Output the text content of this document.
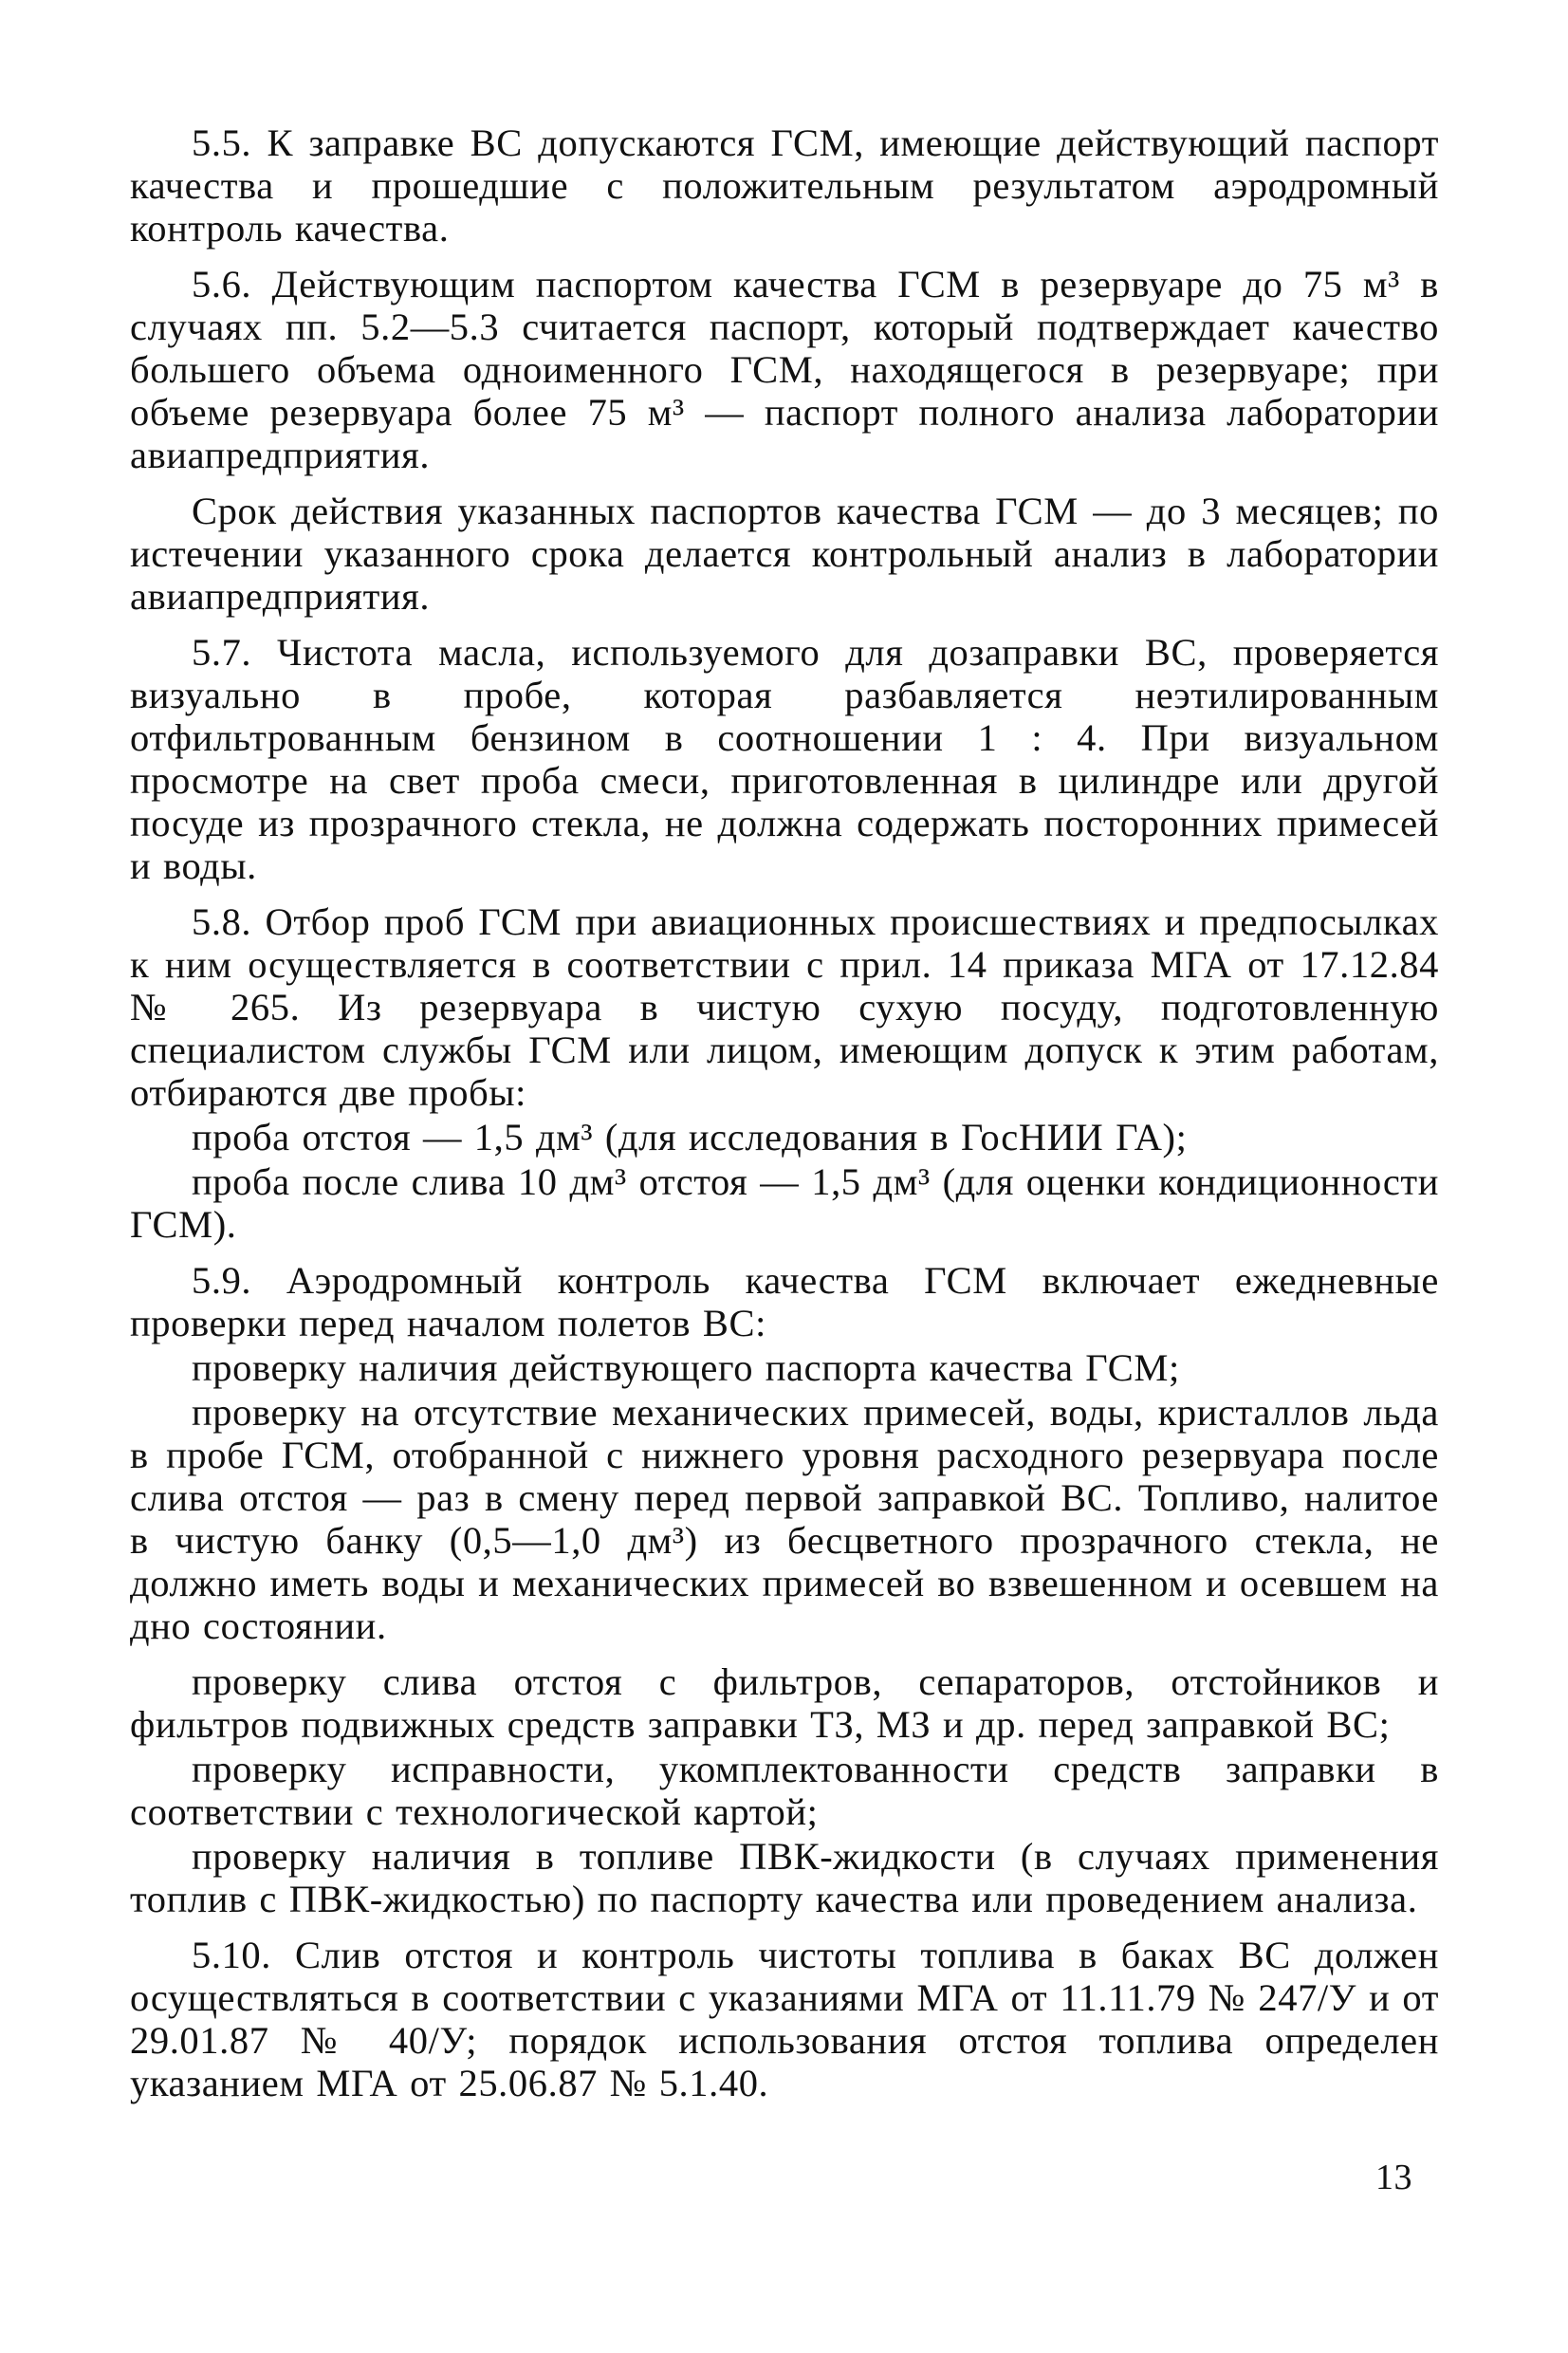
5.5. К заправке ВС допускаются ГСМ, имеющие действующий паспорт качества и прошедшие с положительным результатом аэродромный контроль качества.

5.6. Действующим паспортом качества ГСМ в резервуаре до 75 м³ в случаях пп. 5.2—5.3 считается паспорт, который подтверждает качество большего объема одноименного ГСМ, находящегося в резервуаре; при объеме резервуара более 75 м³ — паспорт полного анализа лаборатории авиапредприятия.

Срок действия указанных паспортов качества ГСМ — до 3 месяцев; по истечении указанного срока делается контрольный анализ в лаборатории авиапредприятия.

5.7. Чистота масла, используемого для дозаправки ВС, проверяется визуально в пробе, которая разбавляется неэтилированным отфильтрованным бензином в соотношении 1 : 4. При визуальном просмотре на свет проба смеси, приготовленная в цилиндре или другой посуде из прозрачного стекла, не должна содержать посторонних примесей и воды.

5.8. Отбор проб ГСМ при авиационных происшествиях и предпосылках к ним осуществляется в соответствии с прил. 14 приказа МГА от 17.12.84 № 265. Из резервуара в чистую сухую посуду, подготовленную специалистом службы ГСМ или лицом, имеющим допуск к этим работам, отбираются две пробы:

проба отстоя — 1,5 дм³ (для исследования в ГосНИИ ГА);

проба после слива 10 дм³ отстоя — 1,5 дм³ (для оценки кондиционности ГСМ).

5.9. Аэродромный контроль качества ГСМ включает ежедневные проверки перед началом полетов ВС:

проверку наличия действующего паспорта качества ГСМ;

проверку на отсутствие механических примесей, воды, кристаллов льда в пробе ГСМ, отобранной с нижнего уровня расходного резервуара после слива отстоя — раз в смену перед первой заправкой ВС. Топливо, налитое в чистую банку (0,5—1,0 дм³) из бесцветного прозрачного стекла, не должно иметь воды и механических примесей во взвешенном и осевшем на дно состоянии.

проверку слива отстоя с фильтров, сепараторов, отстойников и фильтров подвижных средств заправки ТЗ, МЗ и др. перед заправкой ВС;

проверку исправности, укомплектованности средств заправки в соответствии с технологической картой;

проверку наличия в топливе ПВК-жидкости (в случаях применения топлив с ПВК-жидкостью) по паспорту качества или проведением анализа.

5.10. Слив отстоя и контроль чистоты топлива в баках ВС должен осуществляться в соответствии с указаниями МГА от 11.11.79 № 247/У и от 29.01.87 № 40/У; порядок использования отстоя топлива определен указанием МГА от 25.06.87 № 5.1.40.

13
